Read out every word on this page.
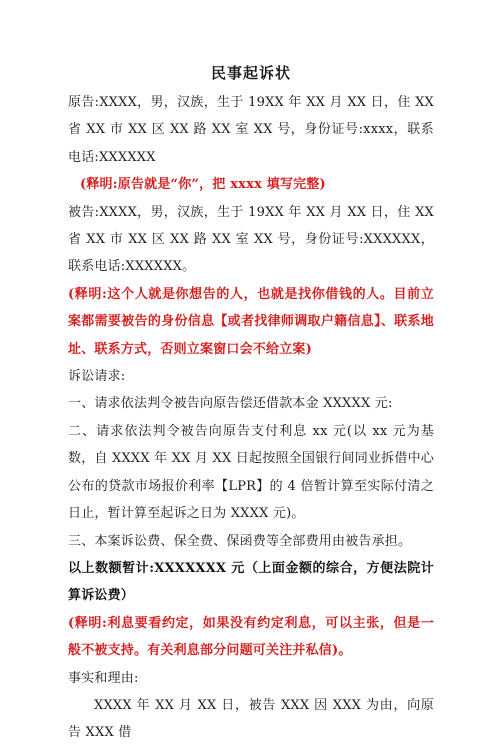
民事起诉状

原告:XXXX，男，汉族，生于 19XX 年 XX 月 XX 日，住 XX 省 XX 市 XX 区 XX 路 XX 室 XX 号，身份证号:xxxx，联系电话:XXXXXX

(释明:原告就是“你”，把 xxxx 填写完整)

被告:XXXX，男，汉族，生于 19XX 年 XX 月 XX 日，住 XX 省 XX 市 XX 区 XX 路 XX 室 XX 号，身份证号:XXXXXX，联系电话:XXXXXX。

(释明:这个人就是你想告的人，也就是找你借钱的人。目前立案都需要被告的身份信息【或者找律师调取户籍信息】、联系地址、联系方式，否则立案窗口会不给立案)

诉讼请求:

一、请求依法判令被告向原告偿还借款本金 XXXXX 元:

二、请求依法判令被告向原告支付利息 xx 元(以 xx 元为基数，自 XXXX 年 XX 月 XX 日起按照全国银行间同业拆借中心公布的贷款市场报价利率【LPR】的 4 倍暂计算至实际付清之日止，暂计算至起诉之日为 XXXX 元)。

三、本案诉讼费、保全费、保函费等全部费用由被告承担。

以上数额暂计:XXXXXXX 元（上面金额的综合，方便法院计算诉讼费）

(释明:利息要看约定，如果没有约定利息，可以主张，但是一般不被支持。有关利息部分问题可关注并私信)。

事实和理由:

XXXX 年 XX 月 XX 日，被告 XXX 因 XXX 为由，向原告 XXX 借
